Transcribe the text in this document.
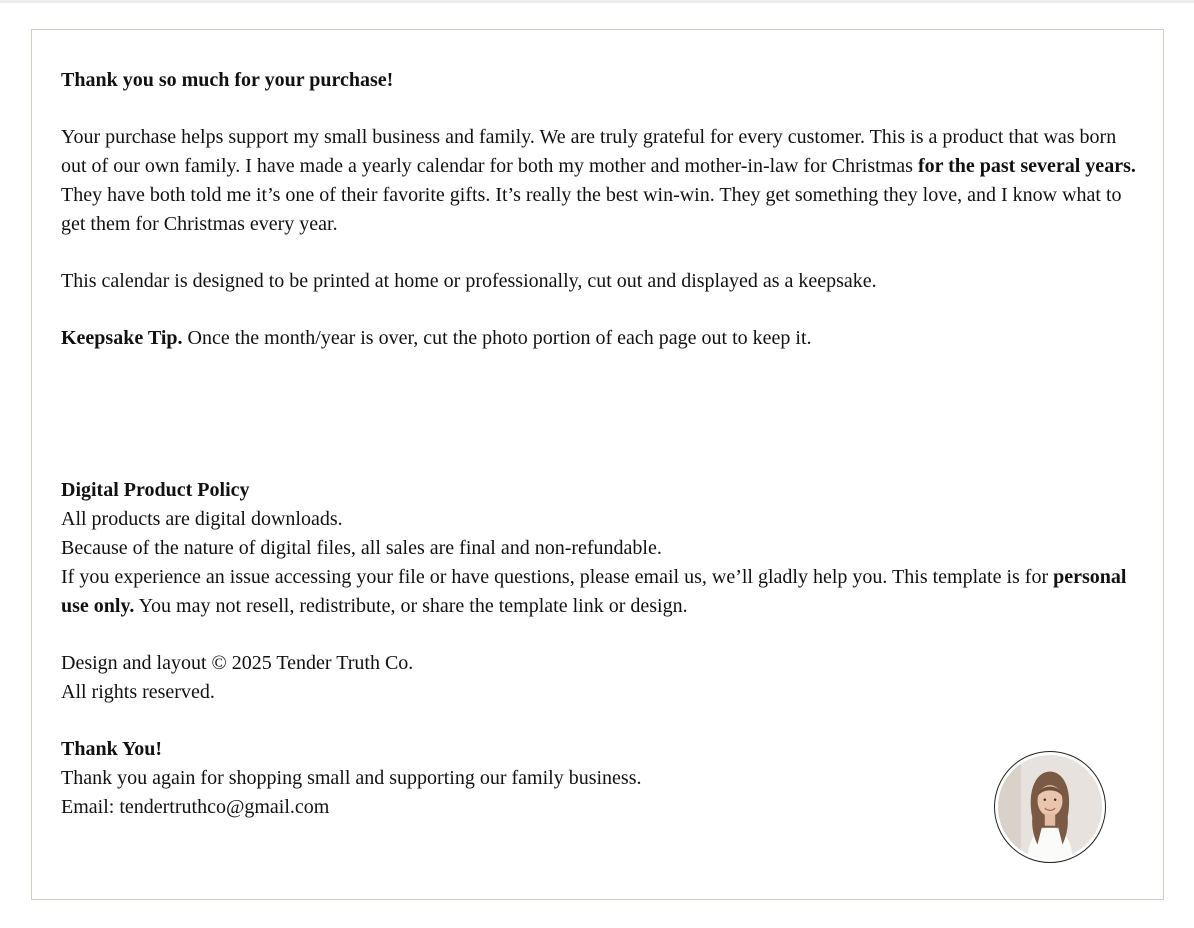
Thank you so much for your purchase!

Your purchase helps support my small business and family. We are truly grateful for every customer. This is a product that was born out of our own family. I have made a yearly calendar for both my mother and mother-in-law for Christmas for the past several years. They have both told me it’s one of their favorite gifts. It’s really the best win-win. They get something they love, and I know what to get them for Christmas every year.

This calendar is designed to be printed at home or professionally, cut out and displayed as a keepsake.

Keepsake Tip. Once the month/year is over, cut the photo portion of each page out to keep it.

Digital Product Policy
All products are digital downloads.
Because of the nature of digital files, all sales are final and non-refundable.
If you experience an issue accessing your file or have questions, please email us, we’ll gladly help you. This template is for personal use only. You may not resell, redistribute, or share the template link or design.

Design and layout © 2025 Tender Truth Co.
All rights reserved.

Thank You!
Thank you again for shopping small and supporting our family business.
Email: tendertruthco@gmail.com
